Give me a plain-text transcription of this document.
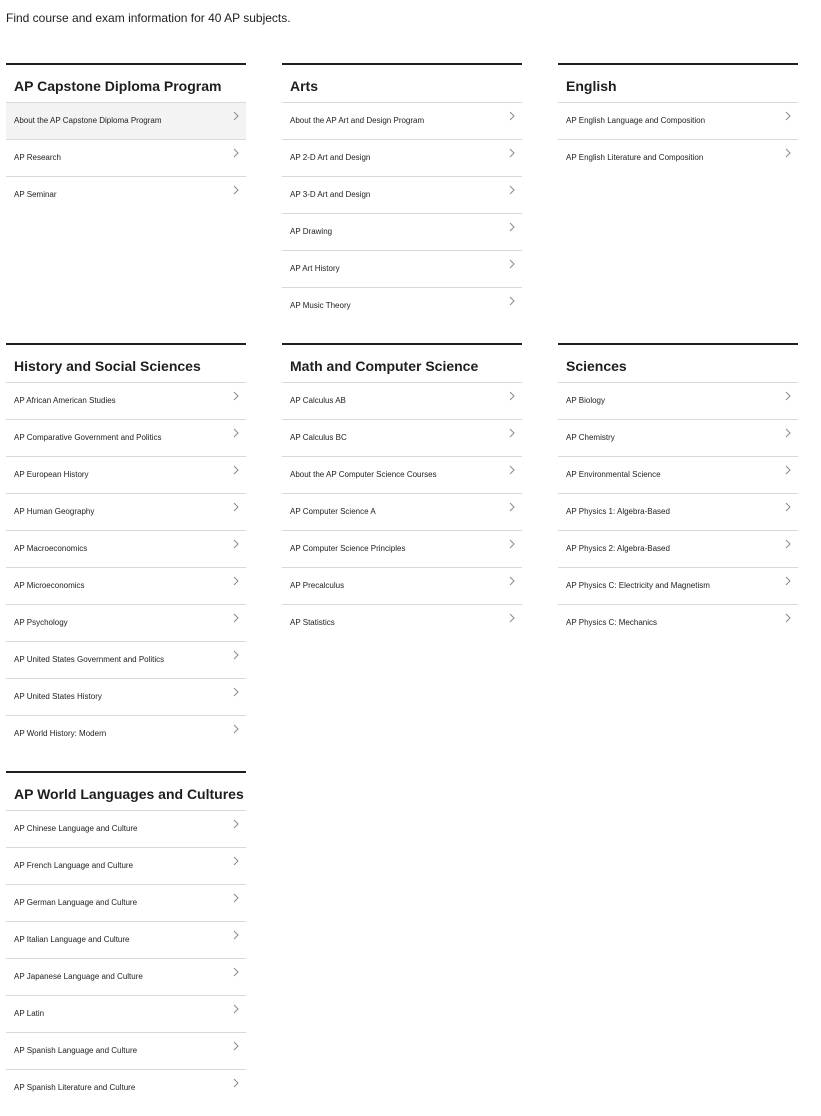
Find course and exam information for 40 AP subjects.

AP Capstone Diploma Program
About the AP Capstone Diploma Program
AP Research
AP Seminar
Arts
About the AP Art and Design Program
AP 2-D Art and Design
AP 3-D Art and Design
AP Drawing
AP Art History
AP Music Theory
English
AP English Language and Composition
AP English Literature and Composition
History and Social Sciences
AP African American Studies
AP Comparative Government and Politics
AP European History
AP Human Geography
AP Macroeconomics
AP Microeconomics
AP Psychology
AP United States Government and Politics
AP United States History
AP World History: Modern
Math and Computer Science
AP Calculus AB
AP Calculus BC
About the AP Computer Science Courses
AP Computer Science A
AP Computer Science Principles
AP Precalculus
AP Statistics
Sciences
AP Biology
AP Chemistry
AP Environmental Science
AP Physics 1: Algebra-Based
AP Physics 2: Algebra-Based
AP Physics C: Electricity and Magnetism
AP Physics C: Mechanics
AP World Languages and Cultures
AP Chinese Language and Culture
AP French Language and Culture
AP German Language and Culture
AP Italian Language and Culture
AP Japanese Language and Culture
AP Latin
AP Spanish Language and Culture
AP Spanish Literature and Culture
